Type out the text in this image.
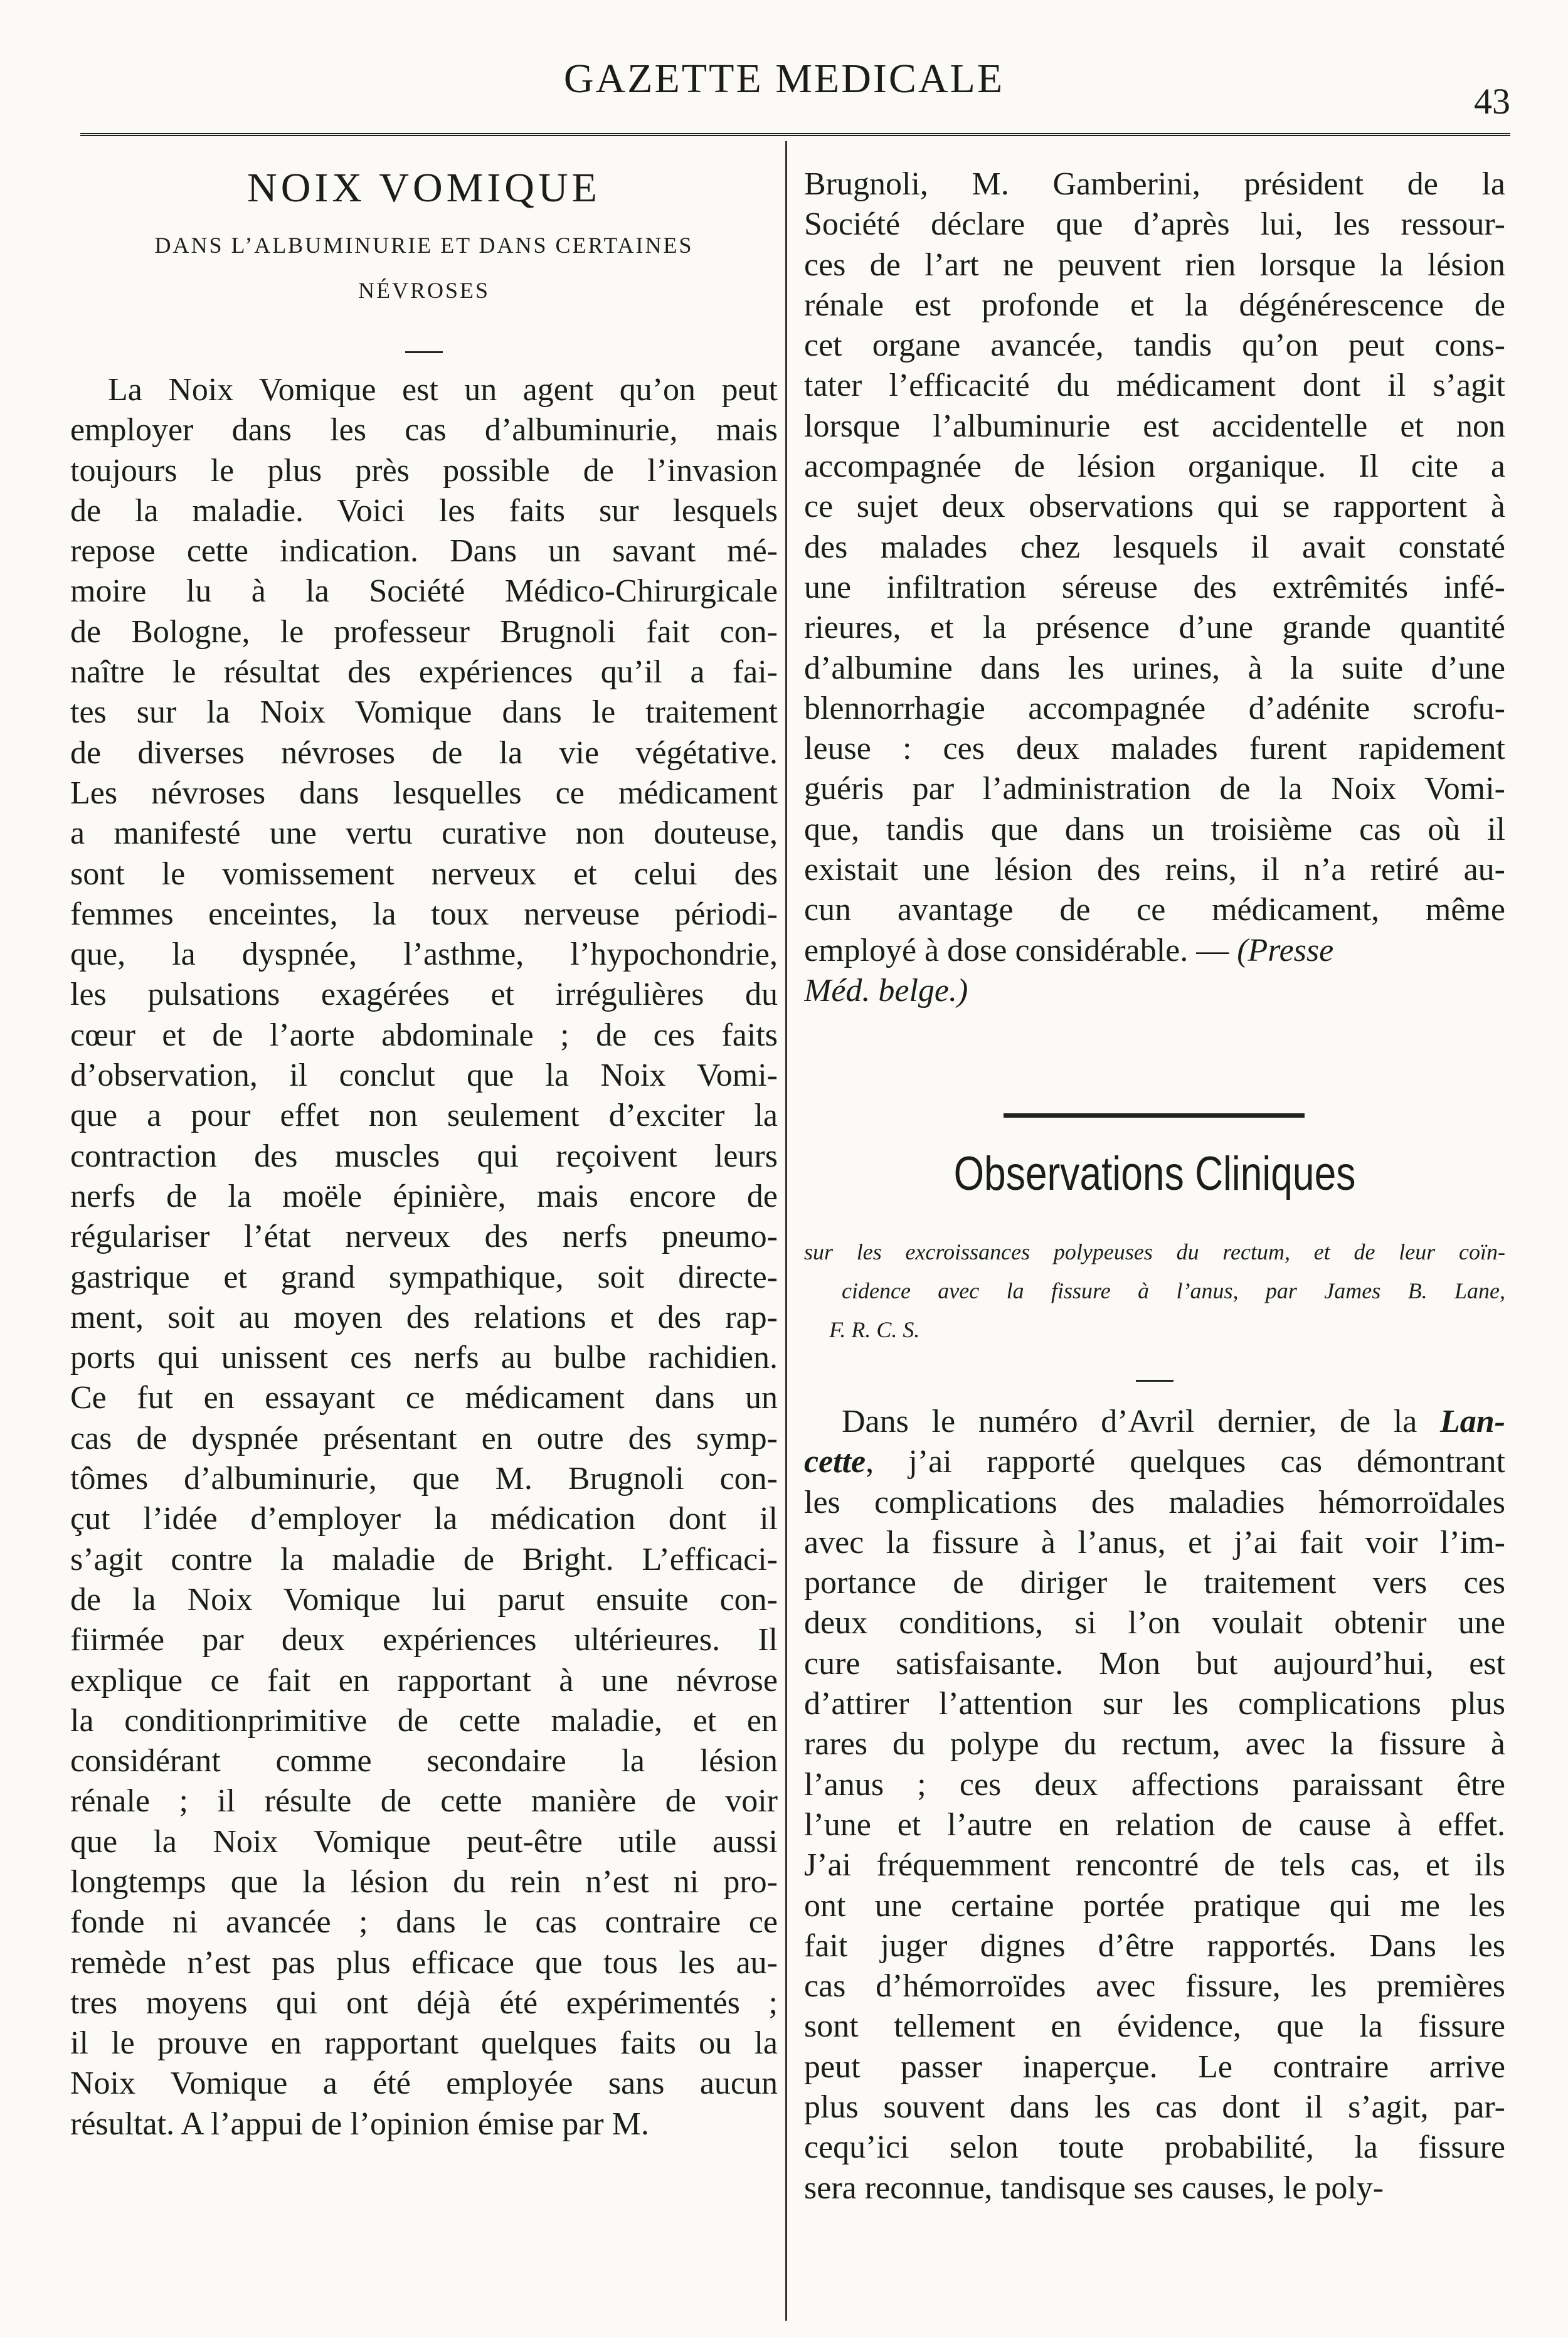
GAZETTE MEDICALE	43
NOIX VOMIQUE
DANS L’ALBUMINURIE ET DANS CERTAINES
NÉVROSES
La Noix Vomique est un agent qu’on peut
employer dans les cas d’albuminurie, mais
toujours le plus près possible de l’invasion
de la maladie. Voici les faits sur lesquels
repose cette indication. Dans un savant mé-
moire lu à la Société Médico-Chirurgicale
de Bologne, le professeur Brugnoli fait con-
naître le résultat des expériences qu’il a fai-
tes sur la Noix Vomique dans le traitement
de diverses névroses de la vie végétative.
Les névroses dans lesquelles ce médicament
a manifesté une vertu curative non douteuse,
sont le vomissement nerveux et celui des
femmes enceintes, la toux nerveuse périodi-
que, la dyspnée, l’asthme, l’hypochondrie,
les pulsations exagérées et irrégulières du
cœur et de l’aorte abdominale ; de ces faits
d’observation, il conclut que la Noix Vomi-
que a pour effet non seulement d’exciter la
contraction des muscles qui reçoivent leurs
nerfs de la moële épinière, mais encore de
régulariser l’état nerveux des nerfs pneumo-
gastrique et grand sympathique, soit directe-
ment, soit au moyen des relations et des rap-
ports qui unissent ces nerfs au bulbe rachidien.
Ce fut en essayant ce médicament dans un
cas de dyspnée présentant en outre des symp-
tômes d’albuminurie, que M. Brugnoli con-
çut l’idée d’employer la médication dont il
s’agit contre la maladie de Bright. L’efficaci-
de la Noix Vomique lui parut ensuite con-
fiirmée par deux expériences ultérieures. Il
explique ce fait en rapportant à une névrose
la conditionprimitive de cette maladie, et en
considérant comme secondaire la lésion
rénale ; il résulte de cette manière de voir
que la Noix Vomique peut-être utile aussi
longtemps que la lésion du rein n’est ni pro-
fonde ni avancée ; dans le cas contraire ce
remède n’est pas plus efficace que tous les au-
tres moyens qui ont déjà été expérimentés ;
il le prouve en rapportant quelques faits ou la
Noix Vomique a été employée sans aucun
résultat. A l’appui de l’opinion émise par M.
Brugnoli, M. Gamberini, président de la
Société déclare que d’après lui, les ressour-
ces de l’art ne peuvent rien lorsque la lésion
rénale est profonde et la dégénérescence de
cet organe avancée, tandis qu’on peut cons-
tater l’efficacité du médicament dont il s’agit
lorsque l’albuminurie est accidentelle et non
accompagnée de lésion organique. Il cite a
ce sujet deux observations qui se rapportent à
des malades chez lesquels il avait constaté
une infiltration séreuse des extrêmités infé-
rieures, et la présence d’une grande quantité
d’albumine dans les urines, à la suite d’une
blennorrhagie accompagnée d’adénite scrofu-
leuse : ces deux malades furent rapidement
guéris par l’administration de la Noix Vomi-
que, tandis que dans un troisième cas où il
existait une lésion des reins, il n’a retiré au-
cun avantage de ce médicament, même
employé à dose considérable. — (Presse
Méd. belge.)
Observations Cliniques
sur les excroissances polypeuses du rectum, et de leur coïn-
cidence avec la fissure à l’anus, par James B. Lane,
F. R. C. S.
Dans le numéro d’Avril dernier, de la Lan-
cette, j’ai rapporté quelques cas démontrant
les complications des maladies hémorroïdales
avec la fissure à l’anus, et j’ai fait voir l’im-
portance de diriger le traitement vers ces
deux conditions, si l’on voulait obtenir une
cure satisfaisante. Mon but aujourd’hui, est
d’attirer l’attention sur les complications plus
rares du polype du rectum, avec la fissure à
l’anus ; ces deux affections paraissant être
l’une et l’autre en relation de cause à effet.
J’ai fréquemment rencontré de tels cas, et ils
ont une certaine portée pratique qui me les
fait juger dignes d’être rapportés. Dans les
cas d’hémorroïdes avec fissure, les premières
sont tellement en évidence, que la fissure
peut passer inaperçue. Le contraire arrive
plus souvent dans les cas dont il s’agit, par-
cequ’ici selon toute probabilité, la fissure
sera reconnue, tandisque ses causes, le poly-
